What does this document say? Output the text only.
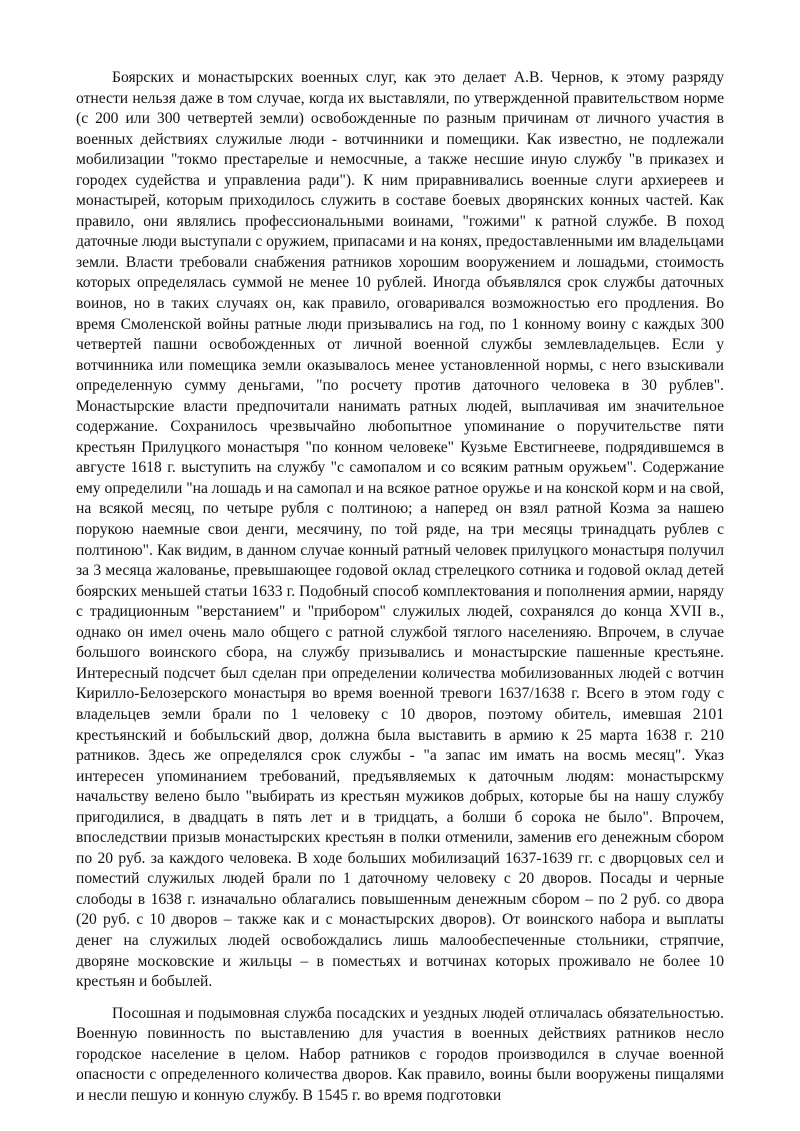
Боярских и монастырских военных слуг, как это делает А.В. Чернов, к этому разряду отнести нельзя даже в том случае, когда их выставляли, по утвержденной правительством норме (с 200 или 300 четвертей земли) освобожденные по разным причинам от личного участия в военных действиях служилые люди - вотчинники и помещики. Как известно, не подлежали мобилизации "токмо престарелые и немосчные, а также несшие иную службу "в приказех и городех судейства и управлениа ради"). К ним приравнивались военные слуги архиереев и монастырей, которым приходилось служить в составе боевых дворянских конных частей. Как правило, они являлись профессиональными воинами, "гожими" к ратной службе. В поход даточные люди выступали с оружием, припасами и на конях, предоставленными им владельцами земли. Власти требовали снабжения ратников хорошим вооружением и лошадьми, стоимость которых определялась суммой не менее 10 рублей. Иногда объявлялся срок службы даточных воинов, но в таких случаях он, как правило, оговаривался возможностью его продления. Во время Смоленской войны ратные люди призывались на год, по 1 конному воину с каждых 300 четвертей пашни освобожденных от личной военной службы землевладельцев. Если у вотчинника или помещика земли оказывалось менее установленной нормы, с него взыскивали определенную сумму деньгами, "по росчету против даточного человека в 30 рублев". Монастырские власти предпочитали нанимать ратных людей, выплачивая им значительное содержание. Сохранилось чрезвычайно любопытное упоминание о поручительстве пяти крестьян Прилуцкого монастыря "по конном человеке" Кузьме Евстигнееве, подрядившемся в августе 1618 г. выступить на службу "с самопалом и со всяким ратным оружьем". Содержание ему определили "на лошадь и на самопал и на всякое ратное оружье и на конской корм и на свой, на всякой месяц, по четыре рубля с полтиною; а наперед он взял ратной Козма за нашею порукою наемные свои денги, месячину, по той ряде, на три месяцы тринадцать рублев с полтиною". Как видим, в данном случае конный ратный человек прилуцкого монастыря получил за 3 месяца жалованье, превышающее годовой оклад стрелецкого сотника и годовой оклад детей боярских меньшей статьи 1633 г. Подобный способ комплектования и пополнения армии, наряду с традиционным "верстанием" и "прибором" служилых людей, сохранялся до конца XVII в., однако он имел очень мало общего с ратной службой тяглого населенияю. Впрочем, в случае большого воинского сбора, на службу призывались и монастырские пашенные крестьяне. Интересный подсчет был сделан при определении количества мобилизованных людей с вотчин Кирилло-Белозерского монастыря во время военной тревоги 1637/1638 г. Всего в этом году с владельцев земли брали по 1 человеку с 10 дворов, поэтому обитель, имевшая 2101 крестьянский и бобыльский двор, должна была выставить в армию к 25 марта 1638 г. 210 ратников. Здесь же определялся срок службы - "а запас им имать на восмь месяц". Указ интересен упоминанием требований, предъявляемых к даточным людям: монастырскму начальству велено было "выбирать из крестьян мужиков добрых, которые бы на нашу службу пригодилися, в двадцать в пять лет и в тридцать, а болши б сорока не было". Впрочем, впоследствии призыв монастырских крестьян в полки отменили, заменив его денежным сбором по 20 руб. за каждого человека. В ходе больших мобилизаций 1637-1639 гг. с дворцовых сел и поместий служилых людей брали по 1 даточному человеку с 20 дворов. Посады и черные слободы в 1638 г. изначально облагались повышенным денежным сбором – по 2 руб. со двора (20 руб. с 10 дворов – также как и с монастырских дворов). От воинского набора и выплаты денег на служилых людей освобождались лишь малообеспеченные стольники, стряпчие, дворяне московские и жильцы – в поместьях и вотчинах которых проживало не более 10 крестьян и бобылей.

Посошная и подымовная служба посадских и уездных людей отличалась обязательностью. Военную повинность по выставлению для участия в военных действиях ратников несло городское население в целом. Набор ратников с городов производился в случае военной опасности с определенного количества дворов. Как правило, воины были вооружены пищалями и несли пешую и конную службу. В 1545 г. во время подготовки
